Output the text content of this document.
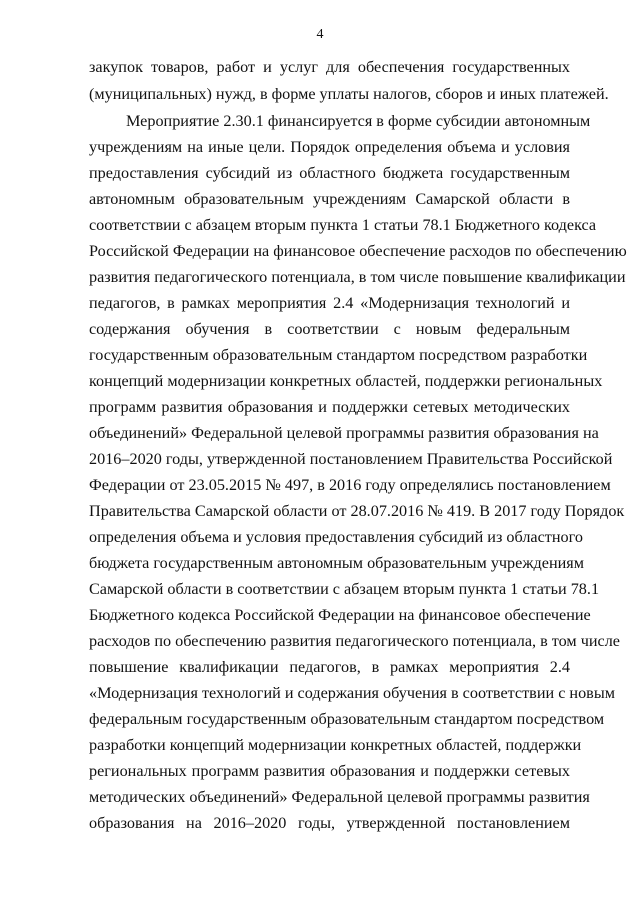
4

закупок товаров, работ и услуг для обеспечения государственных

(муниципальных) нужд, в форме уплаты налогов, сборов и иных платежей.

Мероприятие 2.30.1 финансируется в форме субсидии автономным

учреждениям на иные цели. Порядок определения объема и условия

предоставления субсидий из областного бюджета государственным

автономным образовательным учреждениям Самарской области в

соответствии с абзацем вторым пункта 1 статьи 78.1 Бюджетного кодекса

Российской Федерации на финансовое обеспечение расходов по обеспечению

развития педагогического потенциала, в том числе повышение квалификации

педагогов, в рамках мероприятия 2.4 «Модернизация технологий и

содержания обучения в соответствии с новым федеральным

государственным образовательным стандартом посредством разработки

концепций модернизации конкретных областей, поддержки региональных

программ развития образования и поддержки сетевых методических

объединений» Федеральной целевой программы развития образования на

2016–2020 годы, утвержденной постановлением Правительства Российской

Федерации от 23.05.2015 № 497, в 2016 году определялись постановлением

Правительства Самарской области от 28.07.2016 № 419. В 2017 году Порядок

определения объема и условия предоставления субсидий из областного

бюджета государственным автономным образовательным учреждениям

Самарской области в соответствии с абзацем вторым пункта 1 статьи 78.1

Бюджетного кодекса Российской Федерации на финансовое обеспечение

расходов по обеспечению развития педагогического потенциала, в том числе

повышение квалификации педагогов, в рамках мероприятия 2.4

«Модернизация технологий и содержания обучения в соответствии с новым

федеральным государственным образовательным стандартом посредством

разработки концепций модернизации конкретных областей, поддержки

региональных программ развития образования и поддержки сетевых

методических объединений» Федеральной целевой программы развития

образования на 2016–2020 годы, утвержденной постановлением
